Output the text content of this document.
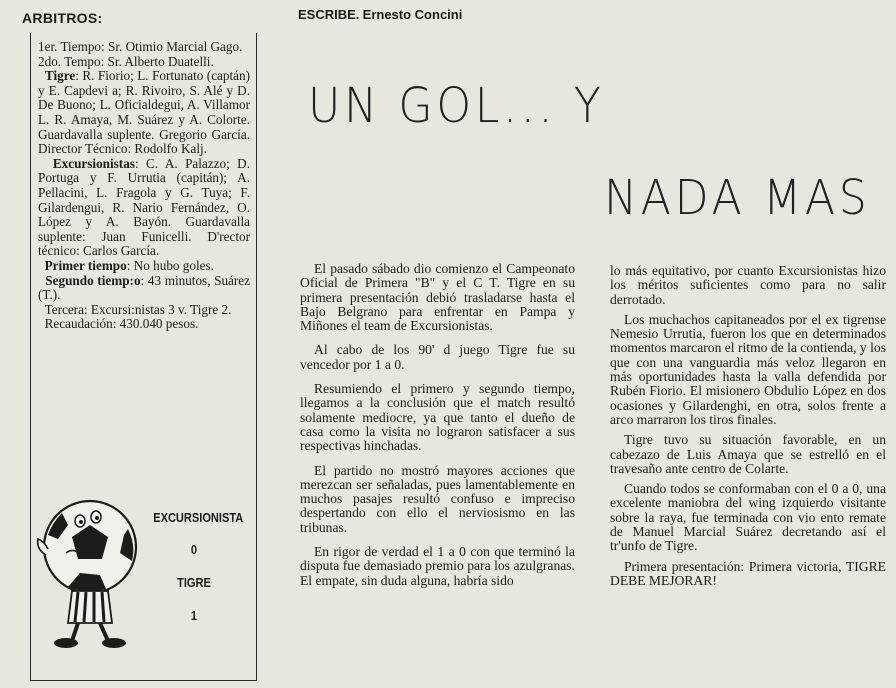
ARBITROS:

1er. Tiempo: Sr. Otimio Marcial Gago.

2do. Tempo: Sr. Alberto Duatelli.

Tigre: R. Fiorio; L. Fortunato (captán) y E. Capdevi a; R. Rivoiro, S. Alé y D. De Buono; L. Oficialdegui, A. Villamor L. R. Amaya, M. Suárez y A. Colorte. Guardavalla suplente. Gregorio García. Director Técnico: Rodolfo Kalj.

Excursionistas: C. A. Palazzo; D. Portuga y F. Urrutia (capitán); A. Pellacini, L. Fragola y G. Tuya; F. Gilardengui, R. Nario Fernández, O. López y A. Bayón. Guardavalla suplente: Juan Funicelli. D'rector técnico: Carlos García.

Primer tiempo: No hubo goles.

Segundo tiemp:o: 43 minutos, Suárez (T.).

Tercera: Excursi:nistas 3 v. Tigre 2.

Recaudación: 430.040 pesos.

EXCURSIONISTA
0
TIGRE
1
ESCRIBE. Ernesto Concini
UN GOL... Y
NADA MAS

El pasado sábado dio comienzo el Campeonato Oficial de Primera "B" y el C T. Tigre en su primera presentación debió trasladarse hasta el Bajo Belgrano para enfrentar en Pampa y Miñones el team de Excursionistas.

Al cabo de los 90' d juego Tigre fue su vencedor por 1 a 0.

Resumiendo el primero y segundo tiempo, llegamos a la conclusión que el match resultó solamente mediocre, ya que tanto el dueño de casa como la visita no lograron satisfacer a sus respectivas hinchadas.

El partido no mostró mayores acciones que merezcan ser señaladas, pues lamentablemente en muchos pasajes resultó confuso e impreciso despertando con ello el nerviosismo en las tribunas.

En rigor de verdad el 1 a 0 con que terminó la disputa fue demasiado premio para los azulgranas. El empate, sin duda alguna, habría sido

lo más equitativo, por cuanto Excursionistas hizo los méritos suficientes como para no salir derrotado.

Los muchachos capitaneados por el ex tigrense Nemesio Urrutia, fueron los que en determinados momentos marcaron el ritmo de la contienda, y los que con una vanguardia más veloz llegaron en más oportunidades hasta la valla defendida por Rubén Fiorio. El misionero Obdulio López en dos ocasiones y Gilardenghi, en otra, solos frente a arco marraron los tiros finales.

Tigre tuvo su situación favorable, en un cabezazo de Luis Amaya que se estrelló en el travesaño ante centro de Colarte.

Cuando todos se conformaban con el 0 a 0, una excelente maniobra del wing izquierdo visitante sobre la raya, fue terminada con vio ento remate de Manuel Marcial Suárez decretando así el tr'unfo de Tigre.

Primera presentación: Primera victoria, TIGRE DEBE MEJORAR!
